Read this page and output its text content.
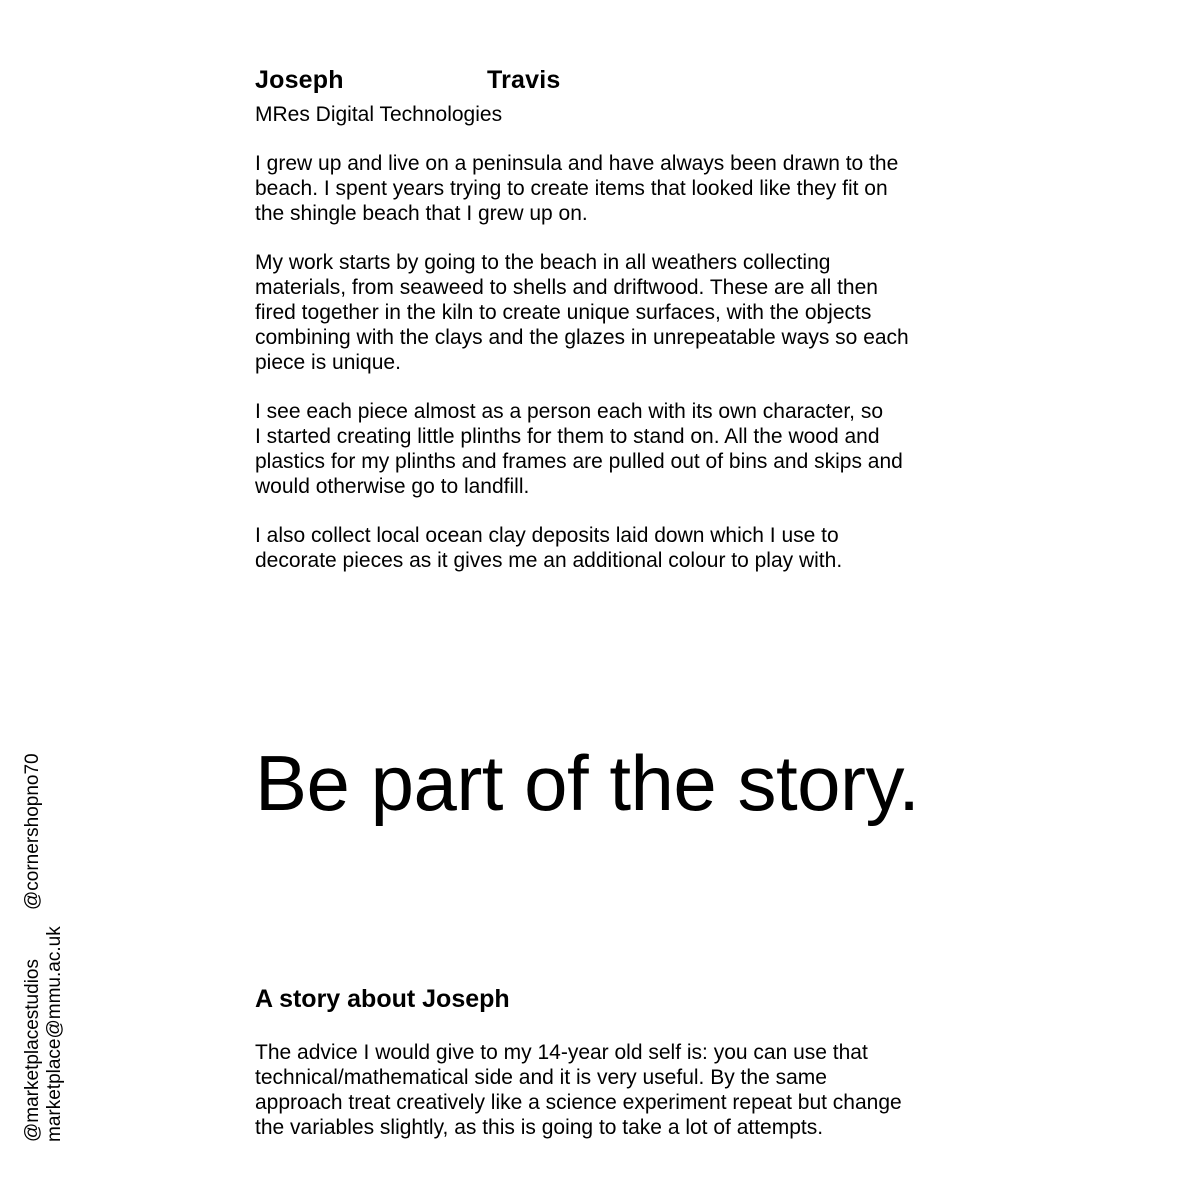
Joseph	Travis
MRes Digital Technologies

I grew up and live on a peninsula and have always been drawn to the
beach. I spent years trying to create items that looked like they fit on
the shingle beach that I grew up on.

My work starts by going to the beach in all weathers collecting
materials, from seaweed to shells and driftwood. These are all then
fired together in the kiln to create unique surfaces, with the objects
combining with the clays and the glazes in unrepeatable ways so each
piece is unique.

I see each piece almost as a person each with its own character, so
I started creating little plinths for them to stand on. All the wood and
plastics for my plinths and frames are pulled out of bins and skips and
would otherwise go to landfill.

I also collect local ocean clay deposits laid down which I use to
decorate pieces as it gives me an additional colour to play with.

Be part of the story.
A story about Joseph

The advice I would give to my 14-year old self is: you can use that
technical/mathematical side and it is very useful. By the same
approach treat creatively like a science experiment repeat but change
the variables slightly, as this is going to take a lot of attempts.

@marketplacestudios marketplace@mmu.ac.uk
@cornershopno70
